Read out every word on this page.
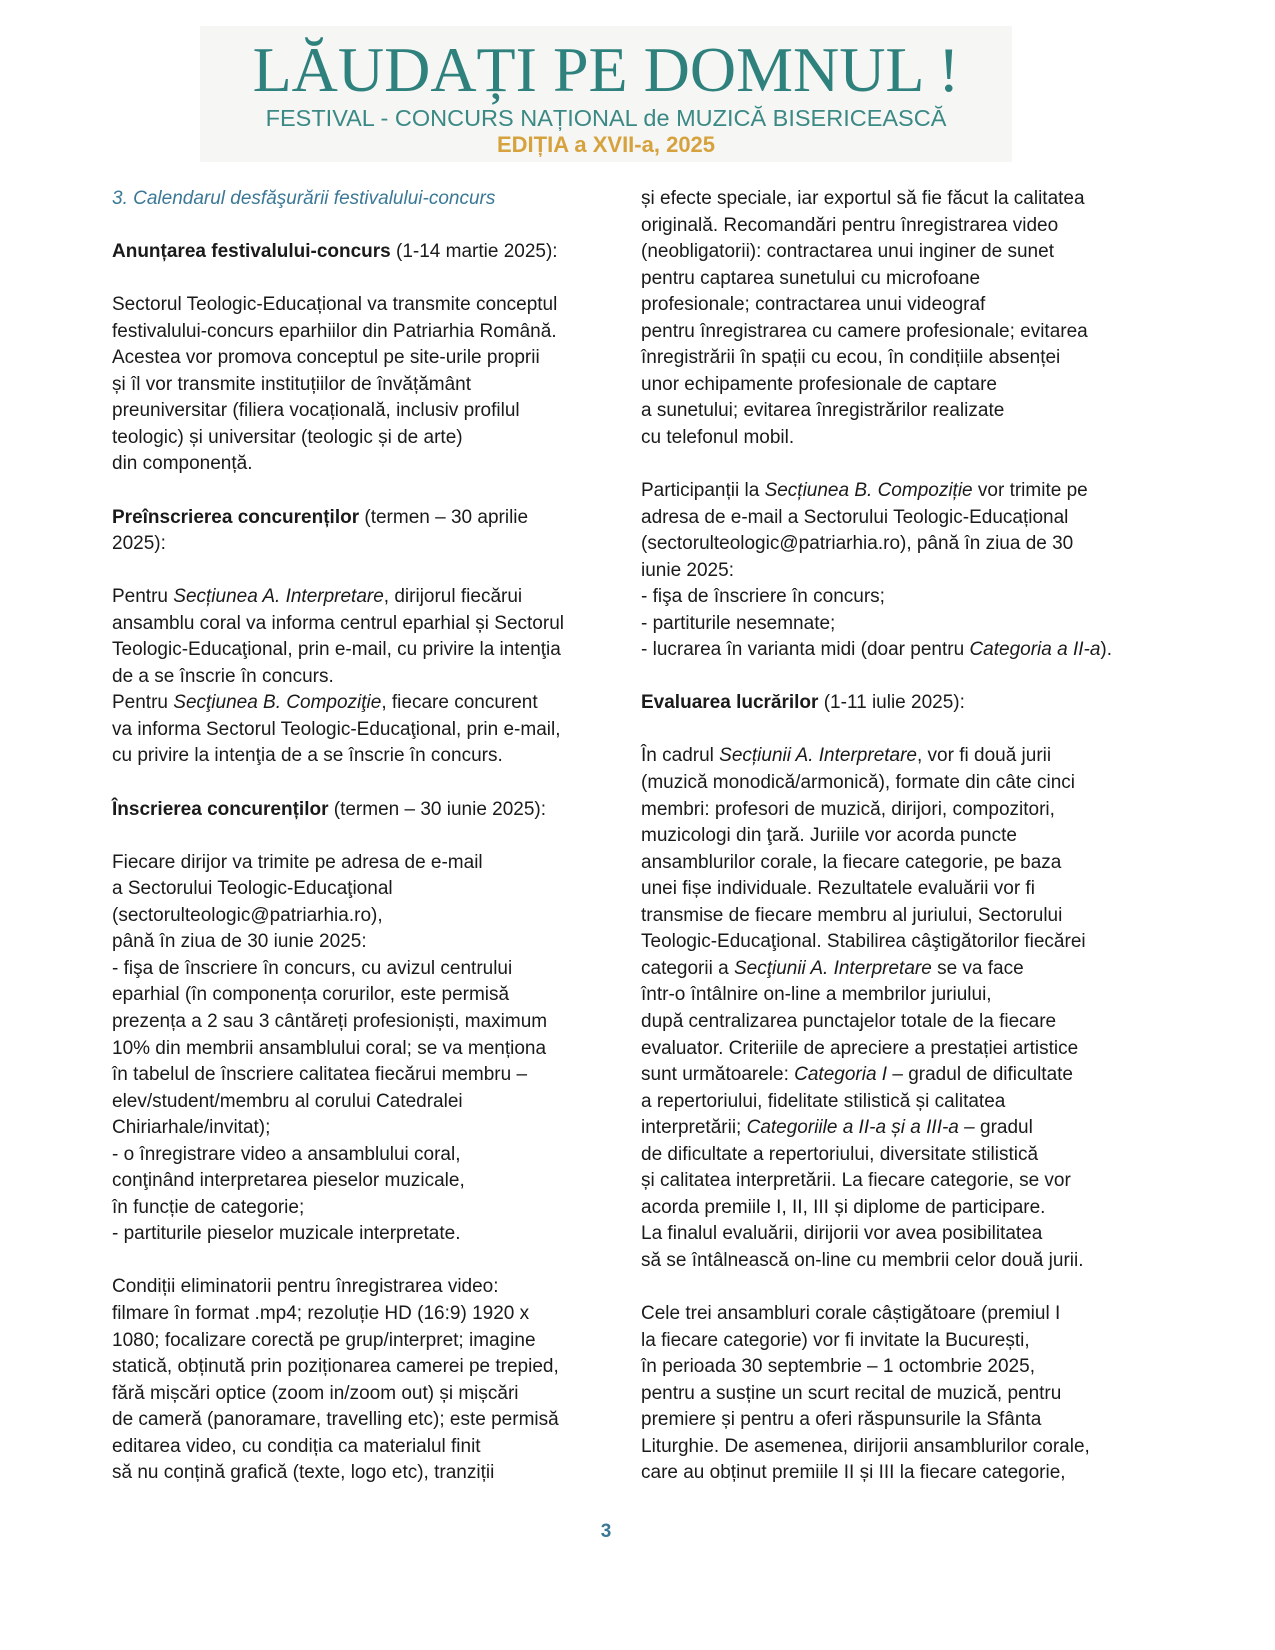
LĂUDAȚI PE DOMNUL !
FESTIVAL - CONCURS NAȚIONAL de MUZICĂ BISERICEASCĂ
EDIȚIA a XVII-a, 2025
3. Calendarul desfăşurării festivalului-concurs
Anunțarea festivalului-concurs (1-14 martie 2025):
Sectorul Teologic-Educațional va transmite conceptul
festivalului-concurs eparhiilor din Patriarhia Română.
Acestea vor promova conceptul pe site-urile proprii
și îl vor transmite instituțiilor de învățământ
preuniversitar (filiera vocațională, inclusiv profilul
teologic) și universitar (teologic și de arte)
din componență.
Preînscrierea concurenților (termen – 30 aprilie
2025):
Pentru Secțiunea A. Interpretare, dirijorul fiecărui
ansamblu coral va informa centrul eparhial și Sectorul
Teologic-Educaţional, prin e-mail, cu privire la intenţia
de a se înscrie în concurs.
Pentru Secţiunea B. Compoziţie, fiecare concurent
va informa Sectorul Teologic-Educaţional, prin e-mail,
cu privire la intenţia de a se înscrie în concurs.
Înscrierea concurenților (termen – 30 iunie 2025):
Fiecare dirijor va trimite pe adresa de e-mail
a Sectorului Teologic-Educaţional
(sectorulteologic@patriarhia.ro),
până în ziua de 30 iunie 2025:
- fişa de înscriere în concurs, cu avizul centrului
eparhial (în componența corurilor, este permisă
prezența a 2 sau 3 cântăreți profesioniști, maximum
10% din membrii ansamblului coral; se va menționa
în tabelul de înscriere calitatea fiecărui membru –
elev/student/membru al corului Catedralei
Chiriarhale/invitat);
- o înregistrare video a ansamblului coral,
conţinând interpretarea pieselor muzicale,
în funcție de categorie;
- partiturile pieselor muzicale interpretate.
Condiții eliminatorii pentru înregistrarea video:
filmare în format .mp4; rezoluție HD (16:9) 1920 x
1080; focalizare corectă pe grup/interpret; imagine
statică, obținută prin poziționarea camerei pe trepied,
fără mișcări optice (zoom in/zoom out) și mișcări
de cameră (panoramare, travelling etc); este permisă
editarea video, cu condiția ca materialul finit
să nu conțină grafică (texte, logo etc), tranziții
și efecte speciale, iar exportul să fie făcut la calitatea
originală. Recomandări pentru înregistrarea video
(neobligatorii): contractarea unui inginer de sunet
pentru captarea sunetului cu microfoane
profesionale; contractarea unui videograf
pentru înregistrarea cu camere profesionale; evitarea
înregistrării în spații cu ecou, în condițiile absenței
unor echipamente profesionale de captare
a sunetului; evitarea înregistrărilor realizate
cu telefonul mobil.
Participanții la Secțiunea B. Compoziție vor trimite pe
adresa de e-mail a Sectorului Teologic-Educațional
(sectorulteologic@patriarhia.ro), până în ziua de 30
iunie 2025:
- fişa de înscriere în concurs;
- partiturile nesemnate;
- lucrarea în varianta midi (doar pentru Categoria a II-a).
Evaluarea lucrărilor (1-11 iulie 2025):
În cadrul Secțiunii A. Interpretare, vor fi două jurii
(muzică monodică/armonică), formate din câte cinci
membri: profesori de muzică, dirijori, compozitori,
muzicologi din ţară. Juriile vor acorda puncte
ansamblurilor corale, la fiecare categorie, pe baza
unei fișe individuale. Rezultatele evaluării vor fi
transmise de fiecare membru al juriului, Sectorului
Teologic-Educaţional. Stabilirea câştigătorilor fiecărei
categorii a Secţiunii A. Interpretare se va face
într-o întâlnire on-line a membrilor juriului,
după centralizarea punctajelor totale de la fiecare
evaluator. Criteriile de apreciere a prestației artistice
sunt următoarele: Categoria I – gradul de dificultate
a repertoriului, fidelitate stilistică și calitatea
interpretării; Categoriile a II-a și a III-a – gradul
de dificultate a repertoriului, diversitate stilistică
și calitatea interpretării. La fiecare categorie, se vor
acorda premiile I, II, III și diplome de participare.
La finalul evaluării, dirijorii vor avea posibilitatea
să se întâlnească on-line cu membrii celor două jurii.
Cele trei ansambluri corale câștigătoare (premiul I
la fiecare categorie) vor fi invitate la București,
în perioada 30 septembrie – 1 octombrie 2025,
pentru a susține un scurt recital de muzică, pentru
premiere și pentru a oferi răspunsurile la Sfânta
Liturghie. De asemenea, dirijorii ansamblurilor corale,
care au obținut premiile II și III la fiecare categorie,
3
